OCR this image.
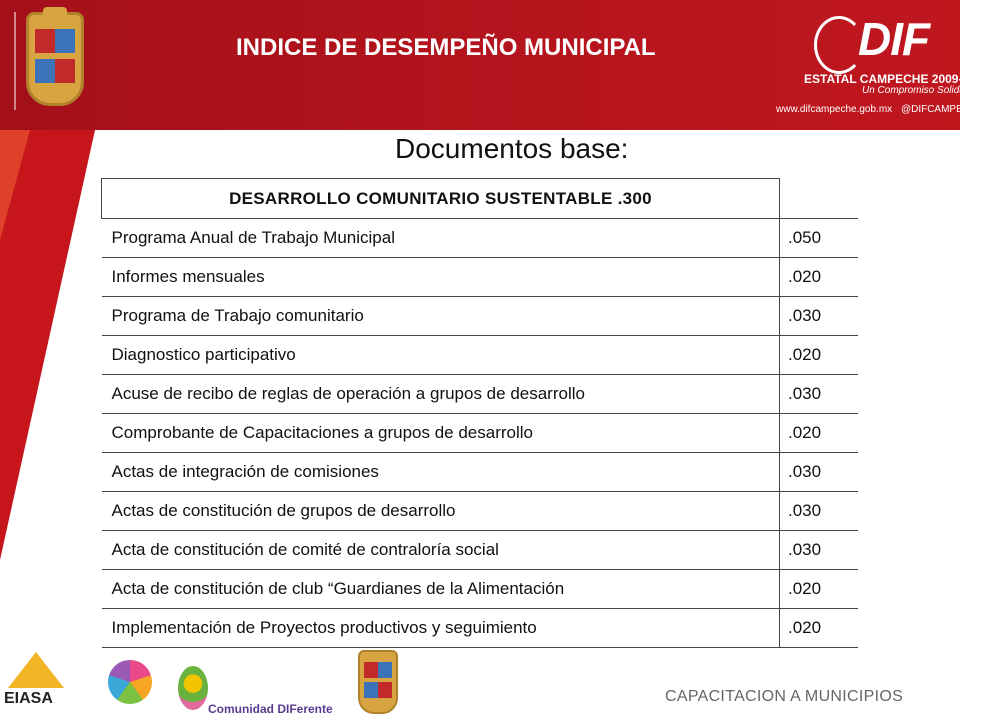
INDICE DE DESEMPEÑO MUNICIPAL	DIF
ESTATAL CAMPECHE 2009-2015
Un Compromiso Solidario
www.difcampeche.gob.mx @DIFCAMPECHE
Documentos base:
DESARROLLO COMUNITARIO SUSTENTABLE .300	
Programa Anual de Trabajo Municipal	.050
Informes mensuales	.020
Programa de Trabajo comunitario	.030
Diagnostico participativo	.020
Acuse de recibo de reglas de operación a grupos de desarrollo	.030
Comprobante de Capacitaciones a grupos de desarrollo	.020
Actas de integración de comisiones	.030
Actas de constitución de grupos de desarrollo	.030
Acta de constitución de comité de contraloría social	.030
Acta de constitución de club “Guardianes de la Alimentación	.020
Implementación de Proyectos productivos y seguimiento	.020
EIASA
Comunidad DIFerente
CAPACITACION A MUNICIPIOS
